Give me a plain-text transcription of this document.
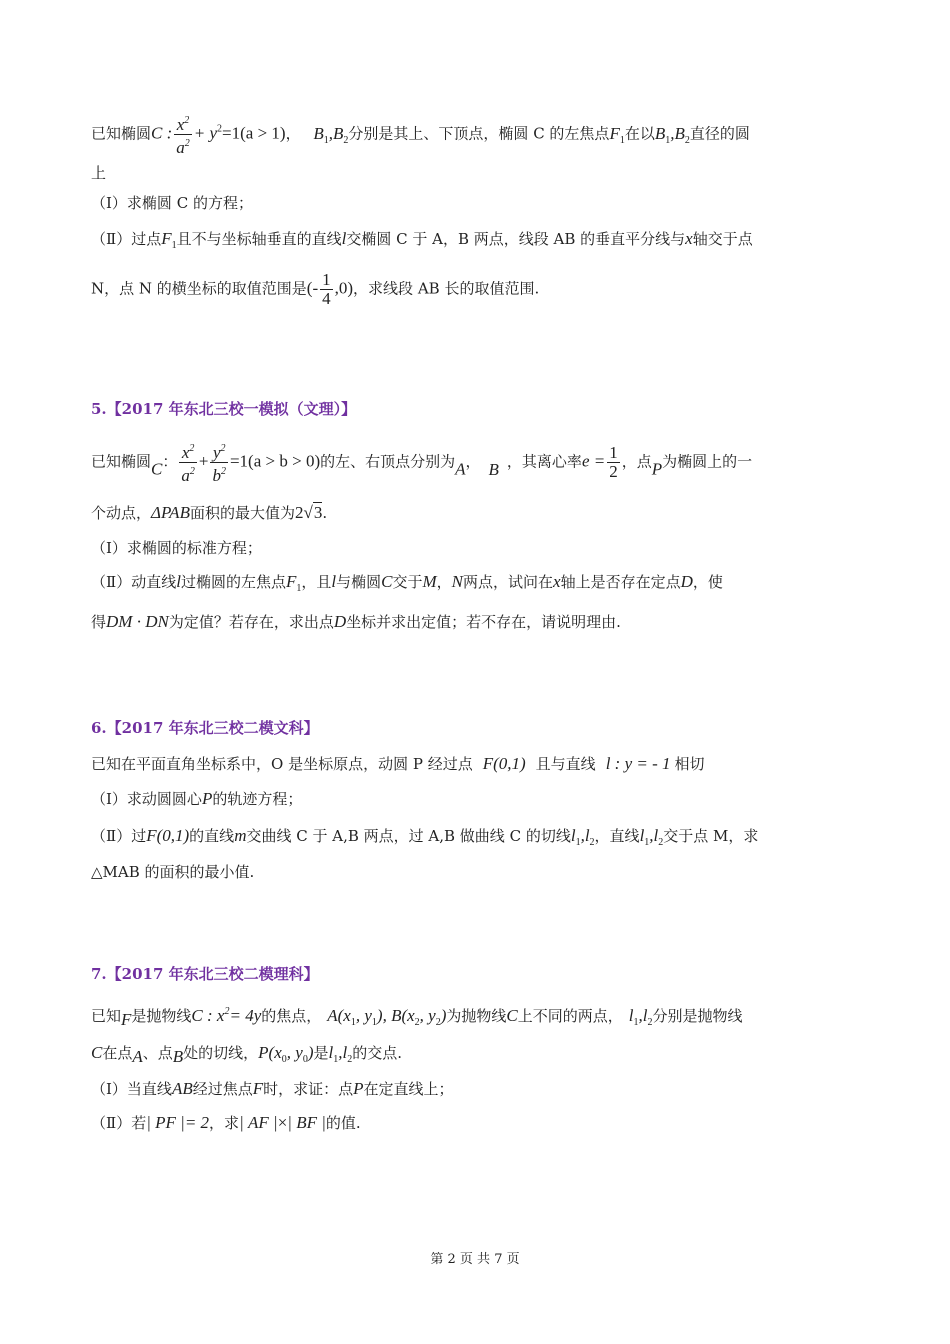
已知椭圆C : $\frac{x^2}{a^2} + y^2=1(a > 1)$， $B_1,B_2$分别是其上、下顶点，椭圆 C 的左焦点$F_1$在以$B_1,B_2$直径的圆
上
（Ⅰ）求椭圆 C 的方程；
（Ⅱ）过点$F_1$且不与坐标轴垂直的直线l交椭圆 C 于 A，B 两点，线段 AB 的垂直平分线与x轴交于点
N，点 N 的横坐标的取值范围是(- $\frac{1}{4} ,0$)，求线段 AB 长的取值范围.
5.【2017 年东北三校一模拟（文理）】
已知椭圆C： $\frac{x^2}{a^2} + \frac{y^2}{b^2} =1(a > b > 0)$的左、右顶点分别为A， B ，其离心率$e = \frac{1}{2}$ ，点P为椭圆上的一
个动点，ΔPAB面积的最大值为2√3.
（Ⅰ）求椭圆的标准方程；
（Ⅱ）动直线l过椭圆的左焦点$F_1$，且l与椭圆C交于M，N两点，试问在x轴上是否存在定点D，使
得DM · DN为定值？若存在，求出点D坐标并求出定值；若不存在，请说明理由.
6.【2017 年东北三校二模文科】
已知在平面直角坐标系中，O 是坐标原点，动圆 P 经过点 F(0,1) 且与直线 l : y = - 1 相切
（Ⅰ）求动圆圆心P的轨迹方程；
（Ⅱ）过F(0,1)的直线m交曲线 C 于 A,B 两点，过 A,B 做曲线 C 的切线$l_1,l_2$，直线$l_1,l_2$交于点 M，求
△MAB 的面积的最小值.
7.【2017 年东北三校二模理科】
已知F是抛物线C : $x^2= 4y$的焦点， $A(x_1$, $y_1$), $B(x_2$, $y_2$)为抛物线C上不同的两点， $l_1,l_2$分别是抛物线
C在点A、点B处的切线，$P(x_0$, $y_0$)是$l_1,l_2$的交点.
（Ⅰ）当直线AB经过焦点F时，求证：点P在定直线上；
（Ⅱ）若| PF |= 2，求| AF |×| BF |的值.
第 2 页 共 7 页
